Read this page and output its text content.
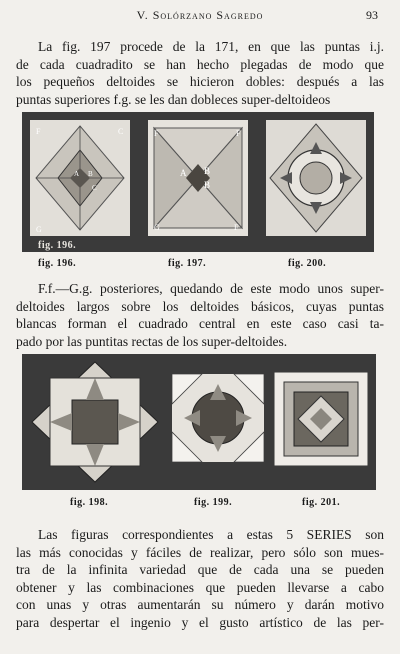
V. Solórzano Sagredo	93

La fig. 197 procede de la 171, en que las puntas i.j.
de cada cuadradito se han hecho plegadas de modo que
los pequeños deltoides se hicieron dobles: después a las
puntas superiores f.g. se les dan dobleces super-deltoideos

F	C
G
A B
C
F	F
A B
B
G	F
fig. 196.
fig. 196.	fig. 197.	fig. 200.

F.f.—G.g. posteriores, quedando de este modo unos super-
deltoides largos sobre los deltoides básicos, cuyas puntas
blancas forman el cuadrado central en este caso casi ta-
pado por las puntitas rectas de los super-deltoides.

fig. 198.	fig. 199.	fig. 201.

Las figuras correspondientes a estas 5 SERIES son
las más conocidas y fáciles de realizar, pero sólo son mues-
tra de la infinita variedad que de cada una se pueden
obtener y las combinaciones que pueden llevarse a cabo
con unas y otras aumentarán su número y darán motivo
para despertar el ingenio y el gusto artístico de las per-
